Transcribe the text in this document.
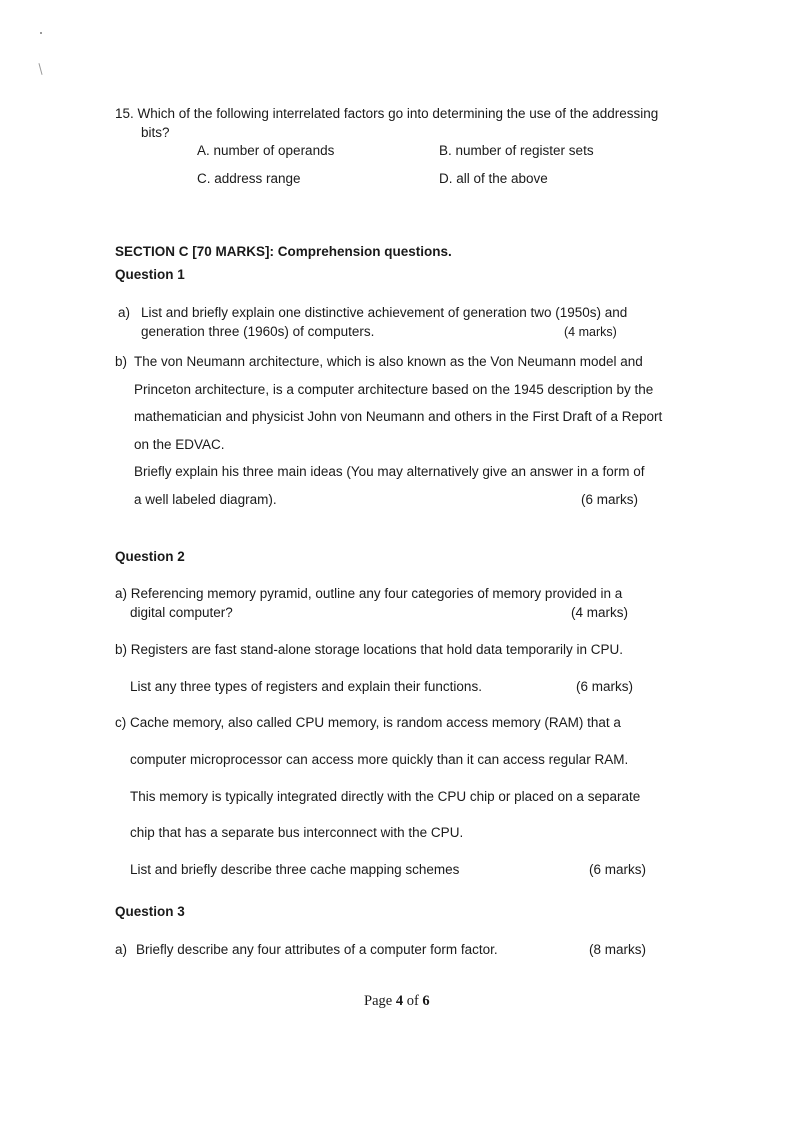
15. Which of the following interrelated factors go into determining the use of the addressing
bits?
A. number of operands	B. number of register sets
C. address range	D. all of the above
SECTION C [70 MARKS]: Comprehension questions.
Question 1
a) List and briefly explain one distinctive achievement of generation two (1950s) and
generation three (1960s) of computers.	(4 marks)
b) The von Neumann architecture, which is also known as the Von Neumann model and
Princeton architecture, is a computer architecture based on the 1945 description by the
mathematician and physicist John von Neumann and others in the First Draft of a Report
on the EDVAC.
Briefly explain his three main ideas (You may alternatively give an answer in a form of
a well labeled diagram).	(6 marks)
Question 2
a) Referencing memory pyramid, outline any four categories of memory provided in a
digital computer?	(4 marks)
b) Registers are fast stand-alone storage locations that hold data temporarily in CPU.
List any three types of registers and explain their functions.	(6 marks)
c) Cache memory, also called CPU memory, is random access memory (RAM) that a
computer microprocessor can access more quickly than it can access regular RAM.
This memory is typically integrated directly with the CPU chip or placed on a separate
chip that has a separate bus interconnect with the CPU.
List and briefly describe three cache mapping schemes	(6 marks)
Question 3
a) Briefly describe any four attributes of a computer form factor.	(8 marks)
Page 4 of 6
